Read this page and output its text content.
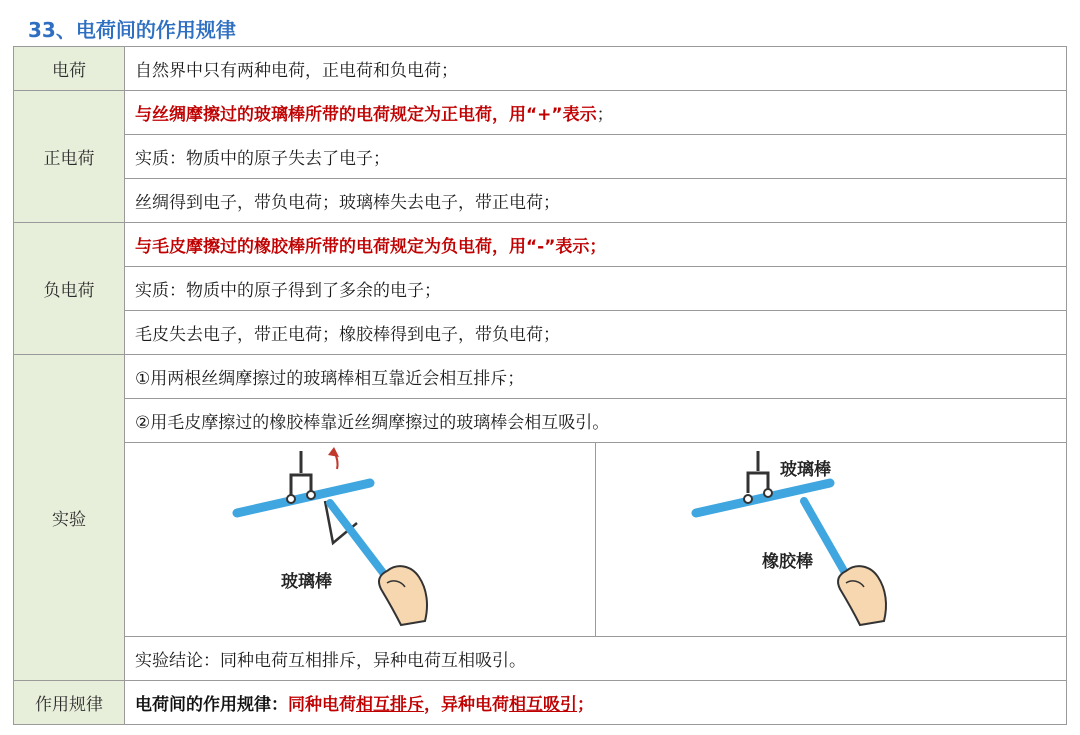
33、电荷间的作用规律
电荷	自然界中只有两种电荷，正电荷和负电荷；
正电荷	与丝绸摩擦过的玻璃棒所带的电荷规定为正电荷，用“+”表示；
	实质：物质中的原子失去了电子；
	丝绸得到电子，带负电荷；玻璃棒失去电子，带正电荷；
负电荷	与毛皮摩擦过的橡胶棒所带的电荷规定为负电荷，用“-”表示；
	实质：物质中的原子得到了多余的电子；
	毛皮失去电子，带正电荷；橡胶棒得到电子，带负电荷；
实验	①用两根丝绸摩擦过的玻璃棒相互靠近会相互排斥；
	②用毛皮摩擦过的橡胶棒靠近丝绸摩擦过的玻璃棒会相互吸引。

	玻璃棒
玻璃棒
橡胶棒

	实验结论：同种电荷互相排斥，异种电荷互相吸引。
作用规律	电荷间的作用规律：同种电荷相互排斥，异种电荷相互吸引；
